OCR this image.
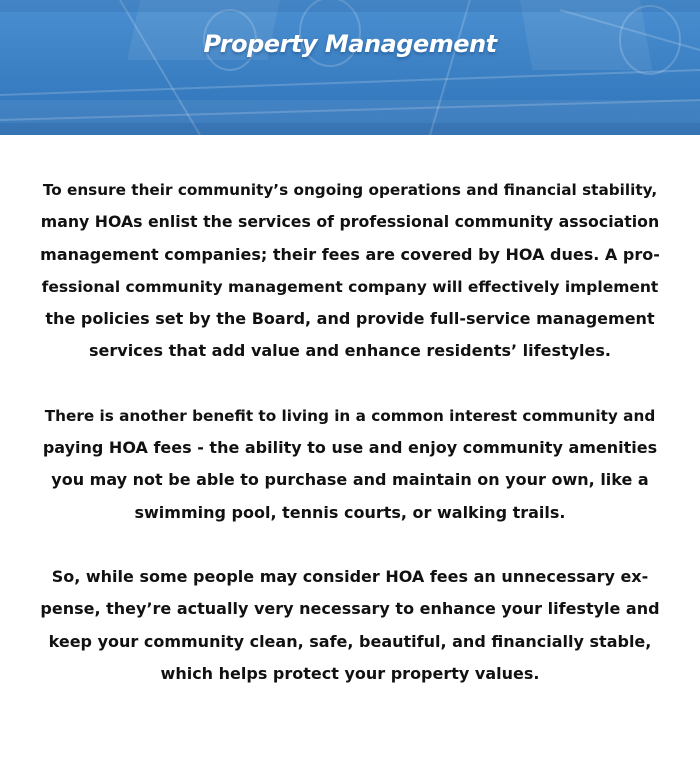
Property Management

To ensure their community’s ongoing operations and financial stability,
many HOAs enlist the services of professional community association
management companies; their fees are covered by HOA dues. A pro-
fessional community management company will effectively implement
the policies set by the Board, and provide full-service management
services that add value and enhance residents’ lifestyles.

There is another benefit to living in a common interest community and
paying HOA fees - the ability to use and enjoy community amenities
you may not be able to purchase and maintain on your own, like a
swimming pool, tennis courts, or walking trails.

So, while some people may consider HOA fees an unnecessary ex-
pense, they’re actually very necessary to enhance your lifestyle and
keep your community clean, safe, beautiful, and financially stable,
which helps protect your property values.
